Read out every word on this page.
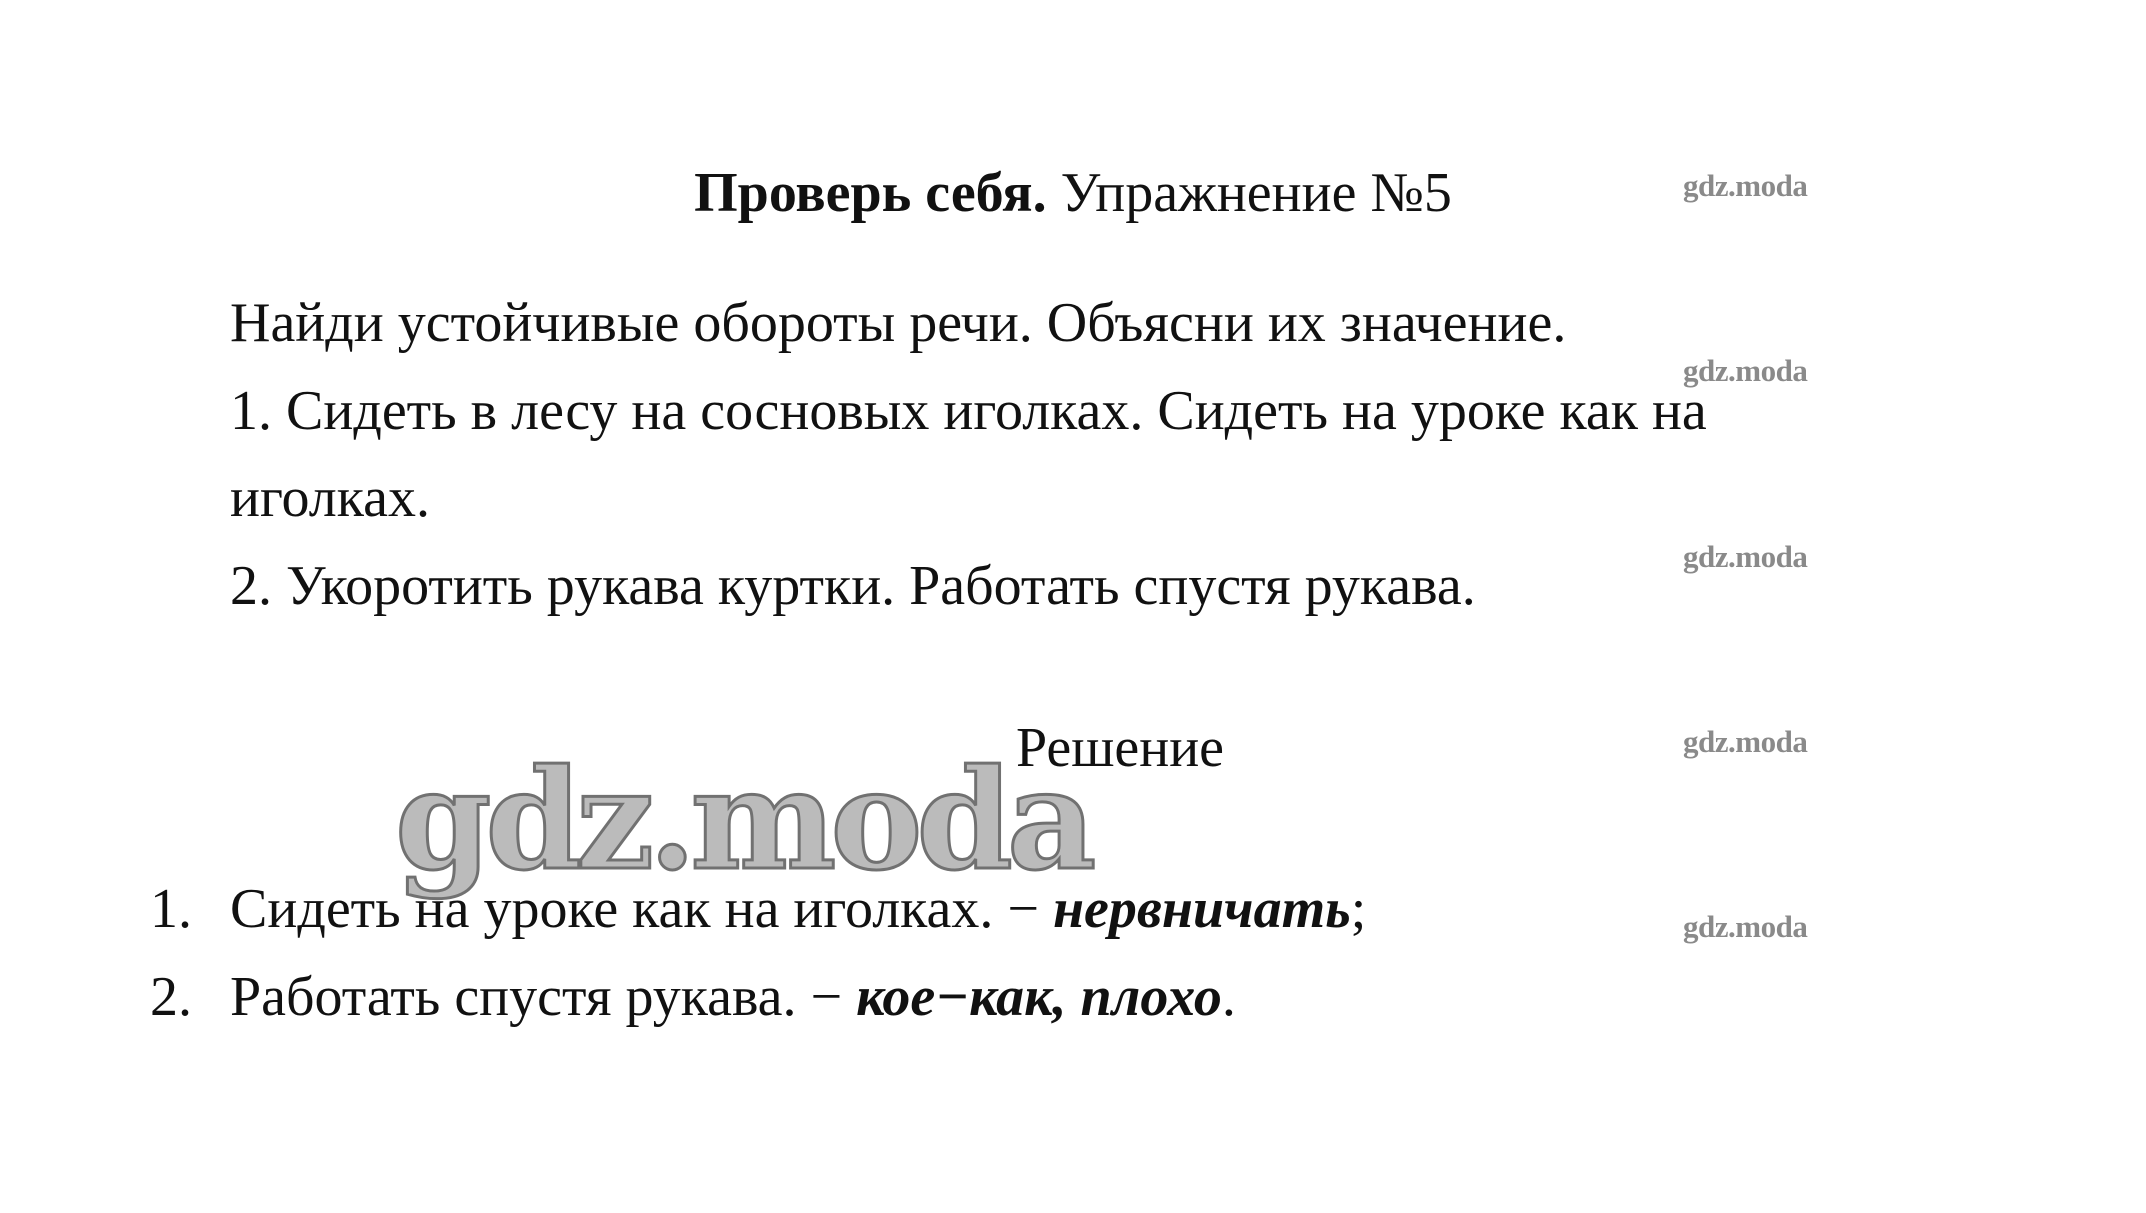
Проверь себя. Упражнение №5
Найди устойчивые обороты речи. Объясни их значение.
1. Сидеть в лесу на сосновых иголках. Сидеть на уроке как на
иголках.
2. Укоротить рукава куртки. Работать спустя рукава.
Решение
1. Сидеть на уроке как на иголках. − нервничать;
2. Работать спустя рукава. − кое−как, плохо.
gdz.moda
gdz.moda
gdz.moda
gdz.moda
gdz.moda
gdz.moda
